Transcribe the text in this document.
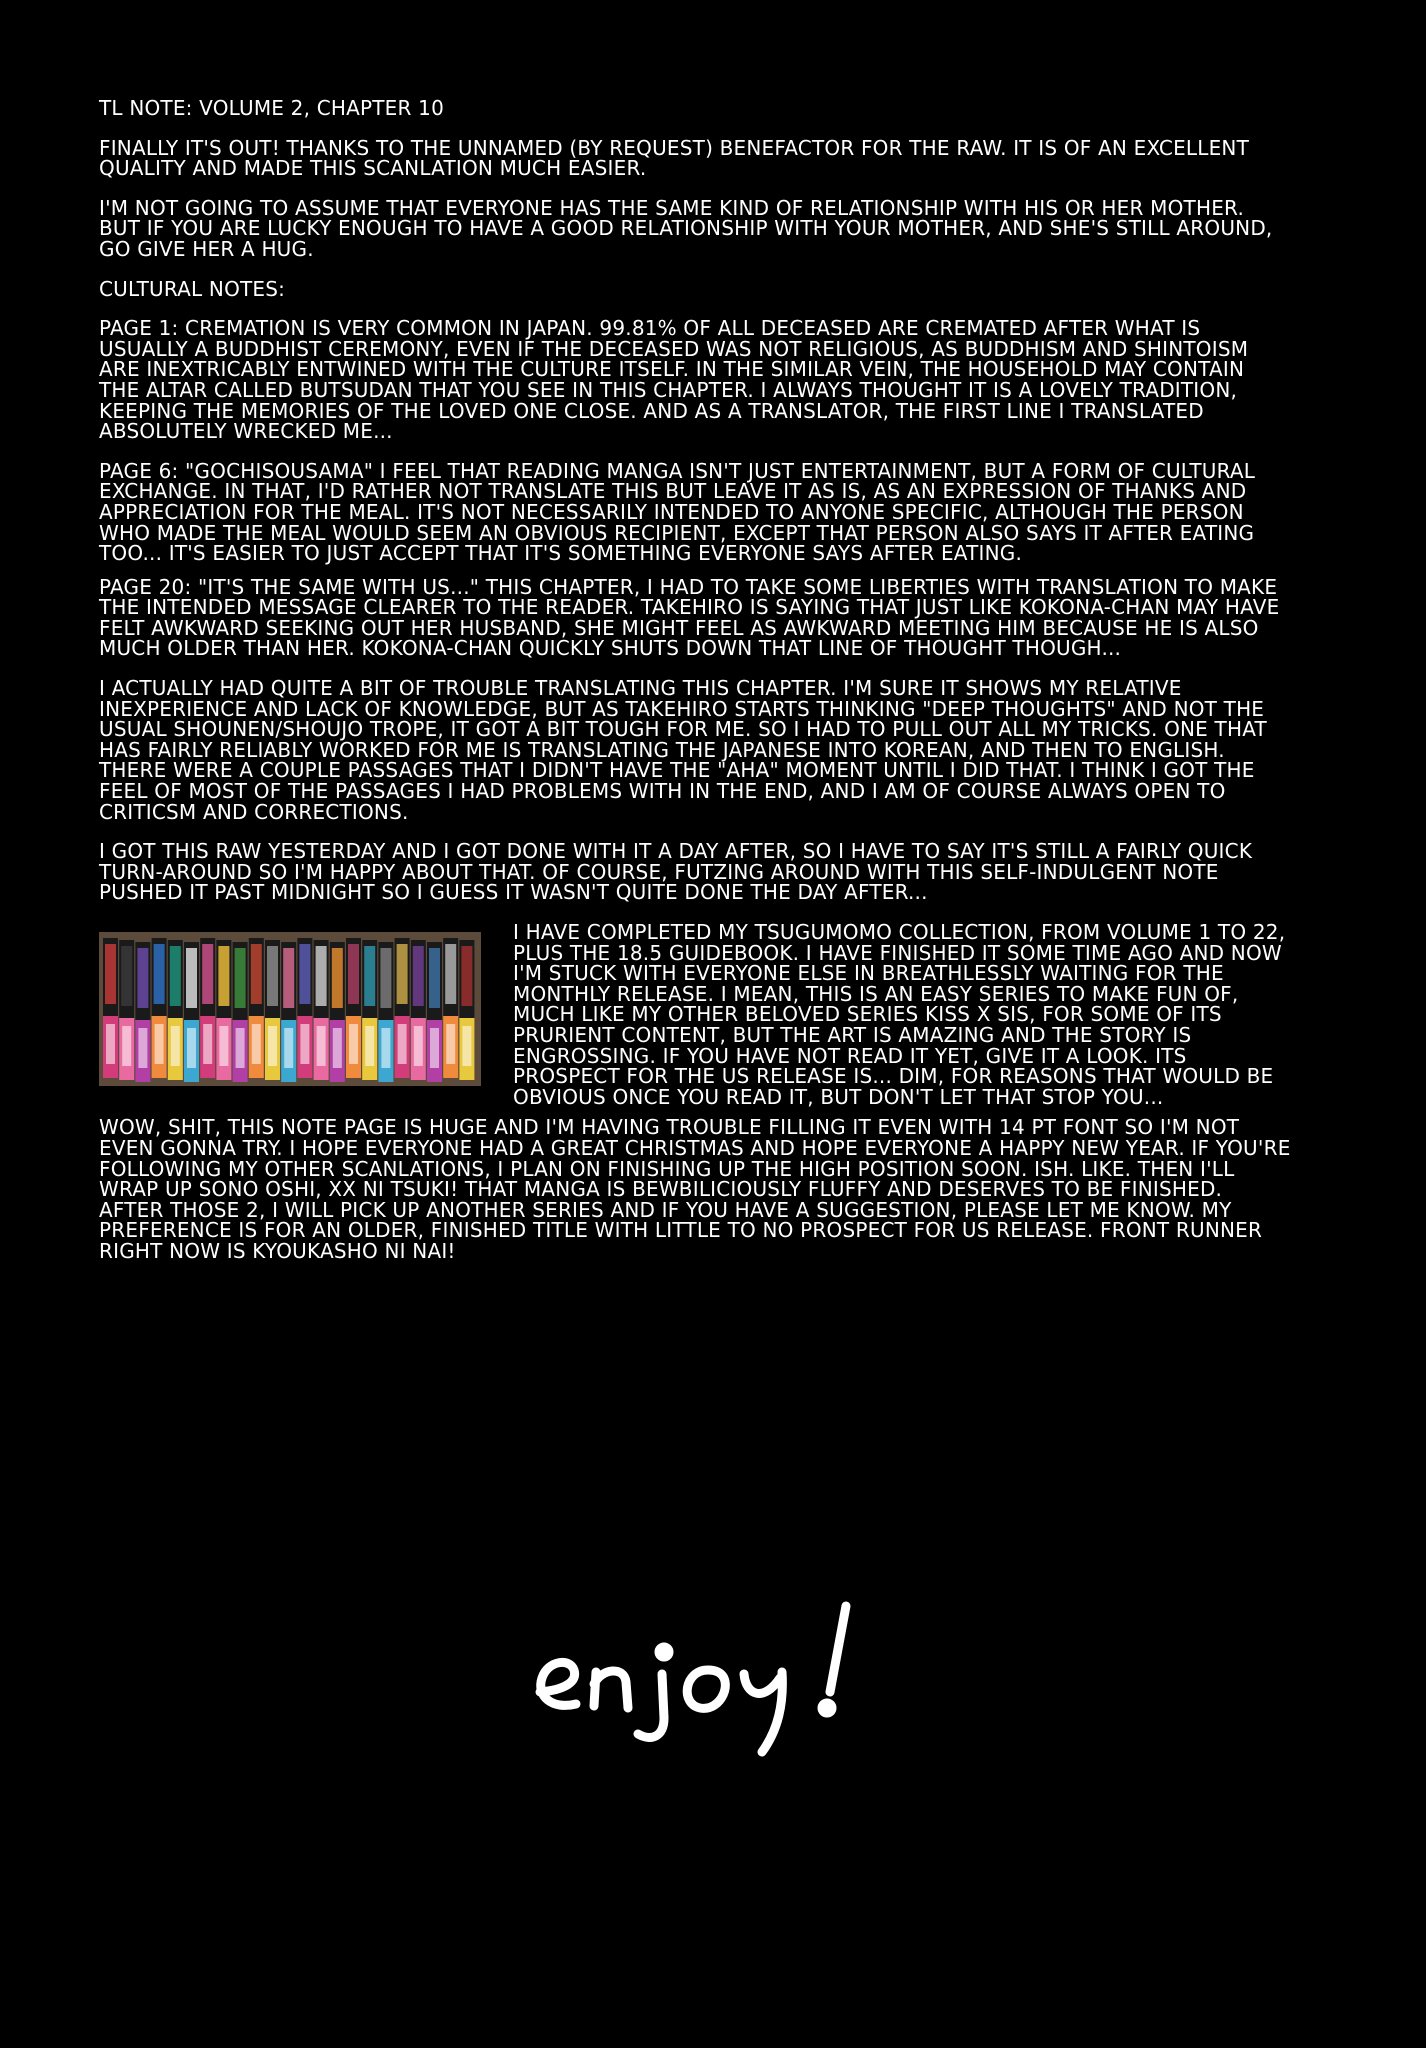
TL NOTE: VOLUME 2, CHAPTER 10

FINALLY IT'S OUT! THANKS TO THE UNNAMED (BY REQUEST) BENEFACTOR FOR THE RAW. IT IS OF AN EXCELLENT QUALITY AND MADE THIS SCANLATION MUCH EASIER.

I'M NOT GOING TO ASSUME THAT EVERYONE HAS THE SAME KIND OF RELATIONSHIP WITH HIS OR HER MOTHER. BUT IF YOU ARE LUCKY ENOUGH TO HAVE A GOOD RELATIONSHIP WITH YOUR MOTHER, AND SHE'S STILL AROUND, GO GIVE HER A HUG.

CULTURAL NOTES:

PAGE 1: CREMATION IS VERY COMMON IN JAPAN. 99.81% OF ALL DECEASED ARE CREMATED AFTER WHAT IS USUALLY A BUDDHIST CEREMONY, EVEN IF THE DECEASED WAS NOT RELIGIOUS, AS BUDDHISM AND SHINTOISM ARE INEXTRICABLY ENTWINED WITH THE CULTURE ITSELF. IN THE SIMILAR VEIN, THE HOUSEHOLD MAY CONTAIN THE ALTAR CALLED BUTSUDAN THAT YOU SEE IN THIS CHAPTER. I ALWAYS THOUGHT IT IS A LOVELY TRADITION, KEEPING THE MEMORIES OF THE LOVED ONE CLOSE. AND AS A TRANSLATOR, THE FIRST LINE I TRANSLATED ABSOLUTELY WRECKED ME...

PAGE 6: "GOCHISOUSAMA" I FEEL THAT READING MANGA ISN'T JUST ENTERTAINMENT, BUT A FORM OF CULTURAL EXCHANGE. IN THAT, I'D RATHER NOT TRANSLATE THIS BUT LEAVE IT AS IS, AS AN EXPRESSION OF THANKS AND APPRECIATION FOR THE MEAL. IT'S NOT NECESSARILY INTENDED TO ANYONE SPECIFIC, ALTHOUGH THE PERSON WHO MADE THE MEAL WOULD SEEM AN OBVIOUS RECIPIENT, EXCEPT THAT PERSON ALSO SAYS IT AFTER EATING TOO... IT'S EASIER TO JUST ACCEPT THAT IT'S SOMETHING EVERYONE SAYS AFTER EATING.

PAGE 20: "IT'S THE SAME WITH US..." THIS CHAPTER, I HAD TO TAKE SOME LIBERTIES WITH TRANSLATION TO MAKE THE INTENDED MESSAGE CLEARER TO THE READER. TAKEHIRO IS SAYING THAT JUST LIKE KOKONA-CHAN MAY HAVE FELT AWKWARD SEEKING OUT HER HUSBAND, SHE MIGHT FEEL AS AWKWARD MEETING HIM BECAUSE HE IS ALSO MUCH OLDER THAN HER. KOKONA-CHAN QUICKLY SHUTS DOWN THAT LINE OF THOUGHT THOUGH...

I ACTUALLY HAD QUITE A BIT OF TROUBLE TRANSLATING THIS CHAPTER. I'M SURE IT SHOWS MY RELATIVE INEXPERIENCE AND LACK OF KNOWLEDGE, BUT AS TAKEHIRO STARTS THINKING "DEEP THOUGHTS" AND NOT THE USUAL SHOUNEN/SHOUJO TROPE, IT GOT A BIT TOUGH FOR ME. SO I HAD TO PULL OUT ALL MY TRICKS. ONE THAT HAS FAIRLY RELIABLY WORKED FOR ME IS TRANSLATING THE JAPANESE INTO KOREAN, AND THEN TO ENGLISH. THERE WERE A COUPLE PASSAGES THAT I DIDN'T HAVE THE "AHA" MOMENT UNTIL I DID THAT. I THINK I GOT THE FEEL OF MOST OF THE PASSAGES I HAD PROBLEMS WITH IN THE END, AND I AM OF COURSE ALWAYS OPEN TO CRITICSM AND CORRECTIONS.

I GOT THIS RAW YESTERDAY AND I GOT DONE WITH IT A DAY AFTER, SO I HAVE TO SAY IT'S STILL A FAIRLY QUICK TURN-AROUND SO I'M HAPPY ABOUT THAT. OF COURSE, FUTZING AROUND WITH THIS SELF-INDULGENT NOTE PUSHED IT PAST MIDNIGHT SO I GUESS IT WASN'T QUITE DONE THE DAY AFTER...

I HAVE COMPLETED MY TSUGUMOMO COLLECTION, FROM VOLUME 1 TO 22, PLUS THE 18.5 GUIDEBOOK. I HAVE FINISHED IT SOME TIME AGO AND NOW I'M STUCK WITH EVERYONE ELSE IN BREATHLESSLY WAITING FOR THE MONTHLY RELEASE. I MEAN, THIS IS AN EASY SERIES TO MAKE FUN OF, MUCH LIKE MY OTHER BELOVED SERIES KISS X SIS, FOR SOME OF ITS PRURIENT CONTENT, BUT THE ART IS AMAZING AND THE STORY IS ENGROSSING. IF YOU HAVE NOT READ IT YET, GIVE IT A LOOK. ITS PROSPECT FOR THE US RELEASE IS... DIM, FOR REASONS THAT WOULD BE OBVIOUS ONCE YOU READ IT, BUT DON'T LET THAT STOP YOU...

WOW, SHIT, THIS NOTE PAGE IS HUGE AND I'M HAVING TROUBLE FILLING IT EVEN WITH 14 PT FONT SO I'M NOT EVEN GONNA TRY. I HOPE EVERYONE HAD A GREAT CHRISTMAS AND HOPE EVERYONE A HAPPY NEW YEAR. IF YOU'RE FOLLOWING MY OTHER SCANLATIONS, I PLAN ON FINISHING UP THE HIGH POSITION SOON. ISH. LIKE. THEN I'LL WRAP UP SONO OSHI, XX NI TSUKI! THAT MANGA IS BEWBILICIOUSLY FLUFFY AND DESERVES TO BE FINISHED. AFTER THOSE 2, I WILL PICK UP ANOTHER SERIES AND IF YOU HAVE A SUGGESTION, PLEASE LET ME KNOW. MY PREFERENCE IS FOR AN OLDER, FINISHED TITLE WITH LITTLE TO NO PROSPECT FOR US RELEASE. FRONT RUNNER RIGHT NOW IS KYOUKASHO NI NAI!
